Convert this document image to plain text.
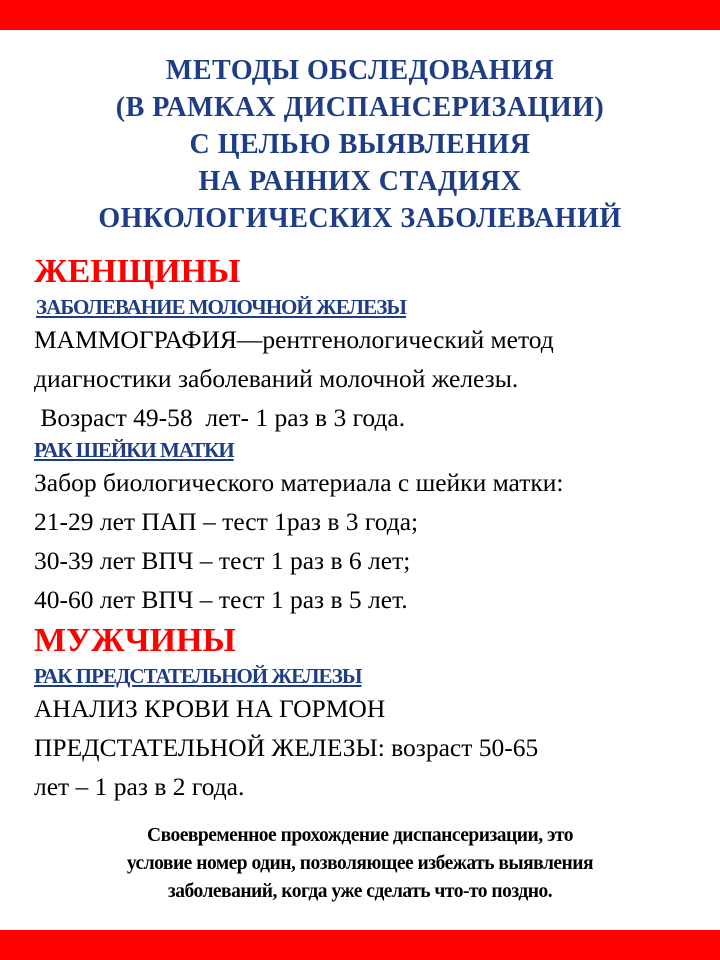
МЕТОДЫ ОБСЛЕДОВАНИЯ
(В РАМКАХ ДИСПАНСЕРИЗАЦИИ)
С ЦЕЛЬЮ ВЫЯВЛЕНИЯ
НА РАННИХ СТАДИЯХ
ОНКОЛОГИЧЕСКИХ ЗАБОЛЕВАНИЙ
ЖЕНЩИНЫ
ЗАБОЛЕВАНИЕ МОЛОЧНОЙ ЖЕЛЕЗЫ
МАММОГРАФИЯ—рентгенологический метод
диагностики заболеваний молочной железы.
Возраст 49-58  лет- 1 раз в 3 года.
РАК ШЕЙКИ МАТКИ
Забор биологического материала с шейки матки:
21-29 лет ПАП – тест 1раз в 3 года;
30-39 лет ВПЧ – тест 1 раз в 6 лет;
40-60 лет ВПЧ – тест 1 раз в 5 лет.
МУЖЧИНЫ
РАК ПРЕДСТАТЕЛЬНОЙ ЖЕЛЕЗЫ
АНАЛИЗ КРОВИ НА ГОРМОН
ПРЕДСТАТЕЛЬНОЙ ЖЕЛЕЗЫ: возраст 50-65
лет – 1 раз в 2 года.
Своевременное прохождение диспансеризации, это
условие номер один, позволяющее избежать выявления
заболеваний, когда уже сделать что-то поздно.
